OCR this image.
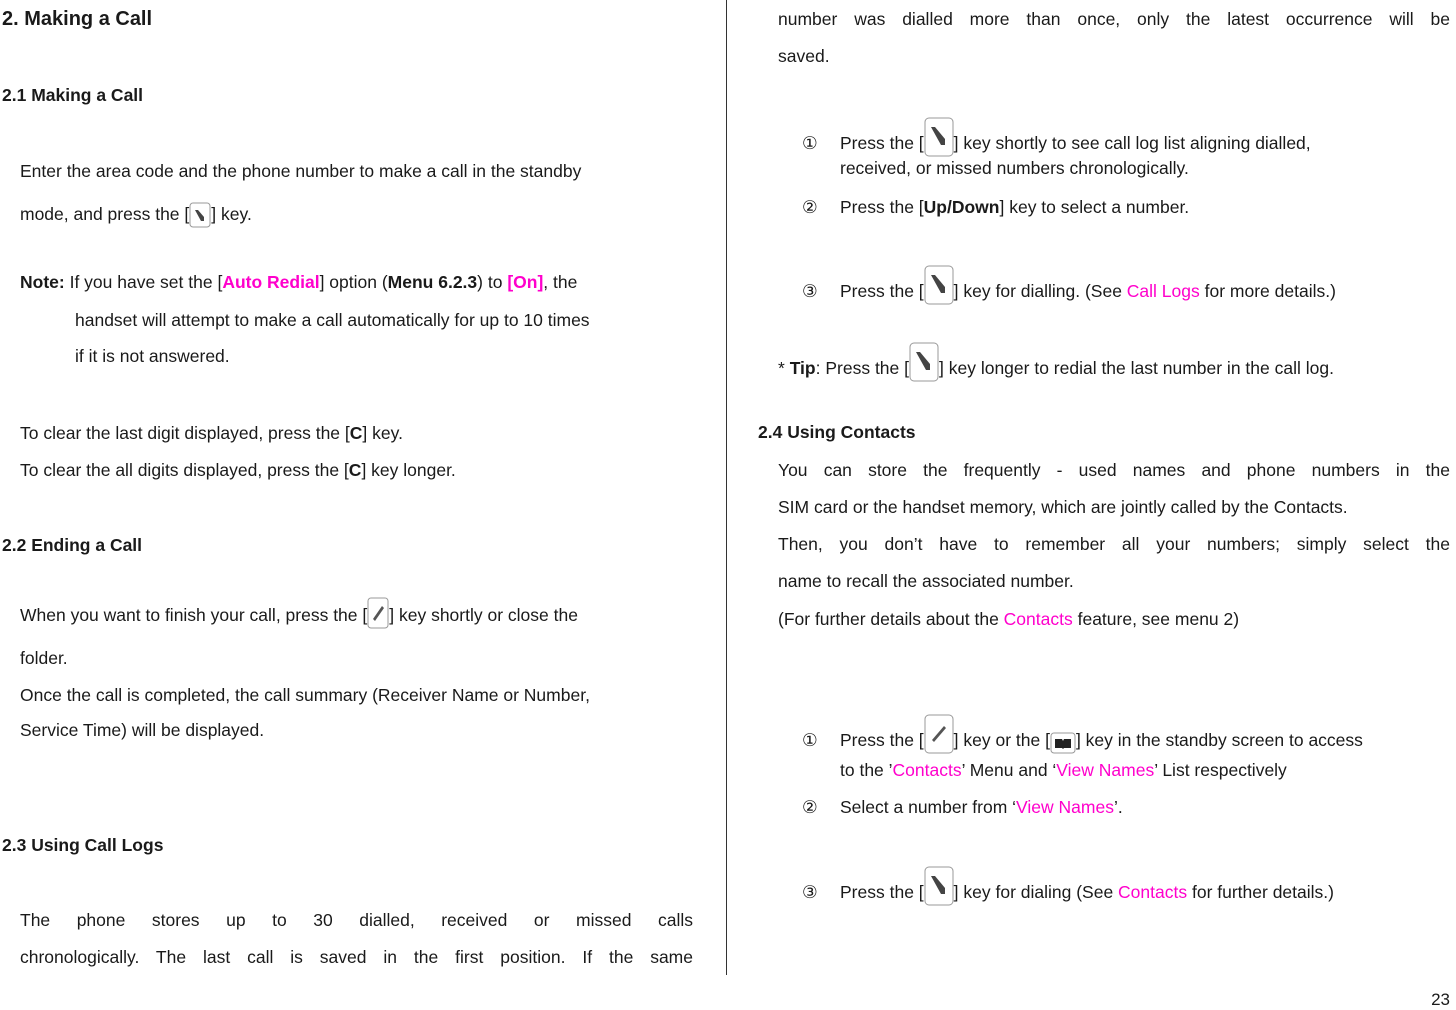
2. Making a Call
2.1 Making a Call
Enter the area code and the phone number to make a call in the standby
mode, and press the [ ] key.
Note: If you have set the [Auto Redial] option (Menu 6.2.3) to [On], the
handset will attempt to make a call automatically for up to 10 times
if it is not answered.
To clear the last digit displayed, press the [C] key.
To clear the all digits displayed, press the [C] key longer.
2.2 Ending a Call
When you want to finish your call, press the [ ] key shortly or close the
folder.
Once the call is completed, the call summary (Receiver Name or Number,
Service Time) will be displayed.
2.3 Using Call Logs
The phone stores up to 30 dialled, received or missed calls
chronologically. The last call is saved in the first position. If the same
number was dialled more than once, only the latest occurrence will be
saved.
① Press the [ ] key shortly to see call log list aligning dialled,
received, or missed numbers chronologically.
② Press the [Up/Down] key to select a number.
③ Press the [ ] key for dialling. (See Call Logs for more details.)
* Tip: Press the [ ] key longer to redial the last number in the call log.
2.4 Using Contacts
You can store the frequently - used names and phone numbers in the
SIM card or the handset memory, which are jointly called by the Contacts.
Then, you don’t have to remember all your numbers; simply select the
name to recall the associated number.
(For further details about the Contacts feature, see menu 2)
① Press the [ ] key or the [ ] key in the standby screen to access
to the ’Contacts’ Menu and ‘View Names’ List respectively
② Select a number from ‘View Names’.
③ Press the [ ] key for dialing (See Contacts for further details.)
23
